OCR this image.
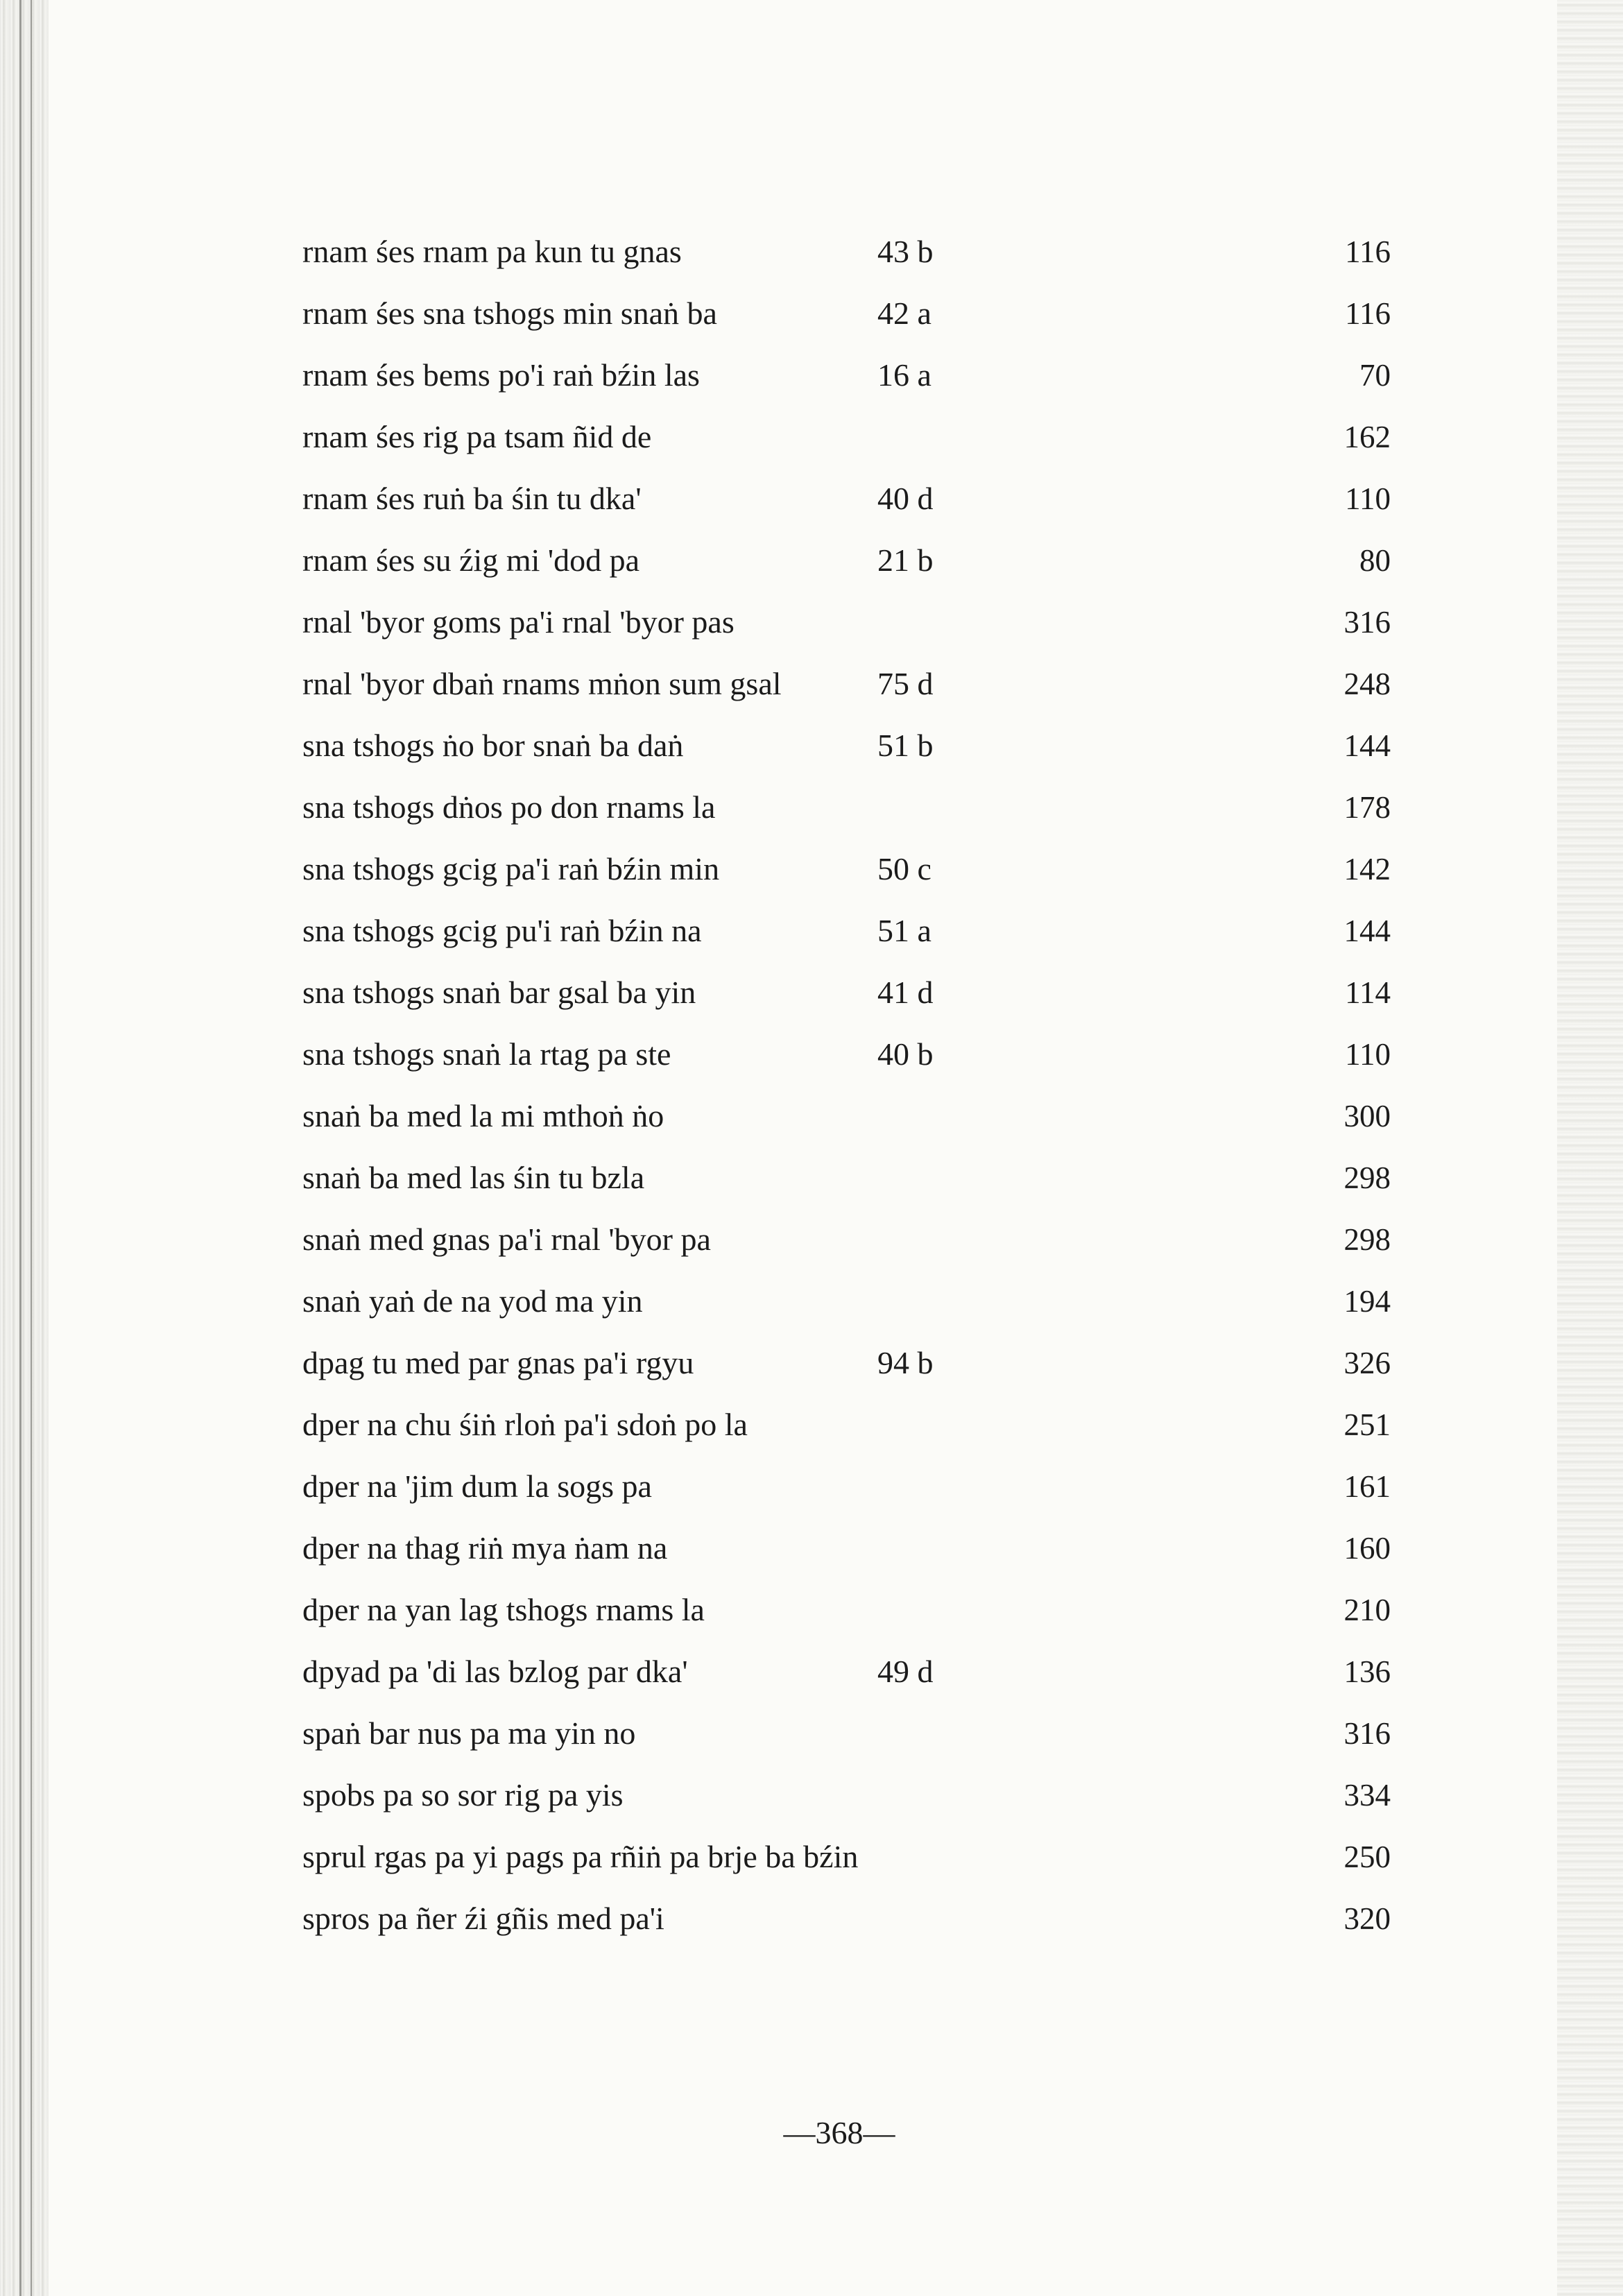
rnam śes rnam pa kun tu gnas	43 b	116
rnam śes sna tshogs min snaṅ ba	42 a	116
rnam śes bems po'i raṅ bźin las	16 a	70
rnam śes rig pa tsam ñid de	162
rnam śes ruṅ ba śin tu dka'	40 d	110
rnam śes su źig mi 'dod pa	21 b	80
rnal 'byor goms pa'i rnal 'byor pas	316
rnal 'byor dbaṅ rnams mṅon sum gsal	75 d	248
sna tshogs ṅo bor snaṅ ba daṅ	51 b	144
sna tshogs dṅos po don rnams la	178
sna tshogs gcig pa'i raṅ bźin min	50 c	142
sna tshogs gcig pu'i raṅ bźin na	51 a	144
sna tshogs snaṅ bar gsal ba yin	41 d	114
sna tshogs snaṅ la rtag pa ste	40 b	110
snaṅ ba med la mi mthoṅ ṅo	300
snaṅ ba med las śin tu bzla	298
snaṅ med gnas pa'i rnal 'byor pa	298
snaṅ yaṅ de na yod ma yin	194
dpag tu med par gnas pa'i rgyu	94 b	326
dper na chu śiṅ rloṅ pa'i sdoṅ po la	251
dper na 'jim dum la sogs pa	161
dper na thag riṅ mya ṅam na	160
dper na yan lag tshogs rnams la	210
dpyad pa 'di las bzlog par dka'	49 d	136
spaṅ bar nus pa ma yin no	316
spobs pa so sor rig pa yis	334
sprul rgas pa yi pags pa rñiṅ pa brje ba bźin	250
spros pa ñer źi gñis med pa'i	320
—368—
